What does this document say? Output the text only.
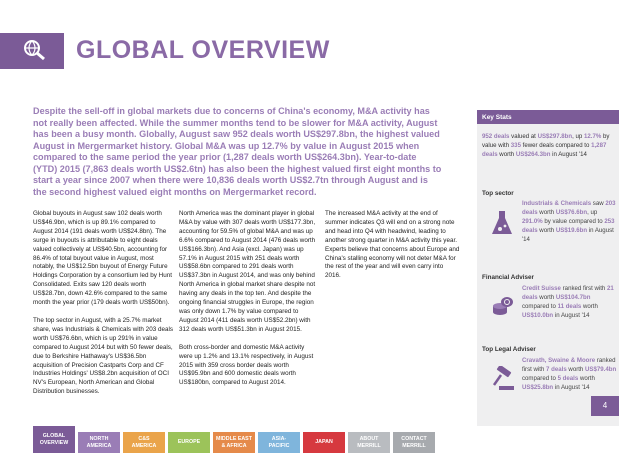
GLOBAL OVERVIEW
Despite the sell-off in global markets due to concerns of China's economy, M&A activity has not really been affected. While the summer months tend to be slower for M&A activity, August has been a busy month. Globally, August saw 952 deals worth US$297.8bn, the highest valued August in Mergermarket history. Global M&A was up 12.7% by value in August 2015 when compared to the same period the year prior (1,287 deals worth US$264.3bn). Year-to-date (YTD) 2015 (7,863 deals worth US$2.6tn) has also been the highest valued first eight months to start a year since 2007 when there were 10,836 deals worth US$2.7tn through August and is the second highest valued eight months on Mergermarket record.

Global buyouts in August saw 102 deals worth US$46.9bn, which is up 89.1% compared to August 2014 (191 deals worth US$24.8bn). The surge in buyouts is attributable to eight deals valued collectively at US$40.5bn, accounting for 86.4% of total buyout value in August, most notably, the US$12.5bn buyout of Energy Future Holdings Corporation by a consortium led by Hunt Consolidated. Exits saw 120 deals worth US$28.7bn, down 42.6% compared to the same month the year prior (179 deals worth US$50bn).

The top sector in August, with a 25.7% market share, was Industrials & Chemicals with 203 deals worth US$76.6bn, which is up 291% in value compared to August 2014 but with 50 fewer deals, due to Berkshire Hathaway's US$36.5bn acquisition of Precision Castparts Corp and CF Industries Holdings' US$8.2bn acquisition of OCI NV's European, North American and Global Distribution businesses.

North America was the dominant player in global M&A by value with 307 deals worth US$177.3bn, accounting for 59.5% of global M&A and was up 6.6% compared to August 2014 (476 deals worth US$166.3bn). And Asia (excl. Japan) was up 57.1% in August 2015 with 251 deals worth US$58.6bn compared to 291 deals worth US$37.3bn in August 2014, and was only behind North America in global market share despite not having any deals in the top ten. And despite the ongoing financial struggles in Europe, the region was only down 1.7% by value compared to August 2014 (411 deals worth US$52.2bn) with 312 deals worth US$51.3bn in August 2015.

Both cross-border and domestic M&A activity were up 1.2% and 13.1% respectively, in August 2015 with 359 cross border deals worth US$95.9bn and 600 domestic deals worth US$180bn, compared to August 2014.

The increased M&A activity at the end of summer indicates Q3 will end on a strong note and head into Q4 with headwind, leading to another strong quarter in M&A activity this year. Experts believe that concerns about Europe and China's stalling economy will not deter M&A for the rest of the year and will even carry into 2016.

Key Stats
952 deals valued at US$297.8bn, up 12.7% by value with 335 fewer deals compared to 1,287 deals worth US$264.3bn in August '14
Top sector
Industrials & Chemicals saw 203 deals worth US$76.6bn, up 291.0% by value compared to 253 deals worth US$19.6bn in August '14
Financial Adviser
Credit Suisse ranked first with 21 deals worth US$104.7bn compared to 11 deals worth US$10.0bn in August '14
Top Legal Adviser
Cravath, Swaine & Moore ranked first with 7 deals worth US$79.4bn compared to 5 deals worth US$25.8bn in August '14
4
GLOBAL
OVERVIEW
NORTH
AMERICA
C&S
AMERICA
EUROPE
MIDDLE EAST
& AFRICA
ASIA-
PACIFIC
JAPAN
ABOUT
MERRILL
CONTACT
MERRILL
